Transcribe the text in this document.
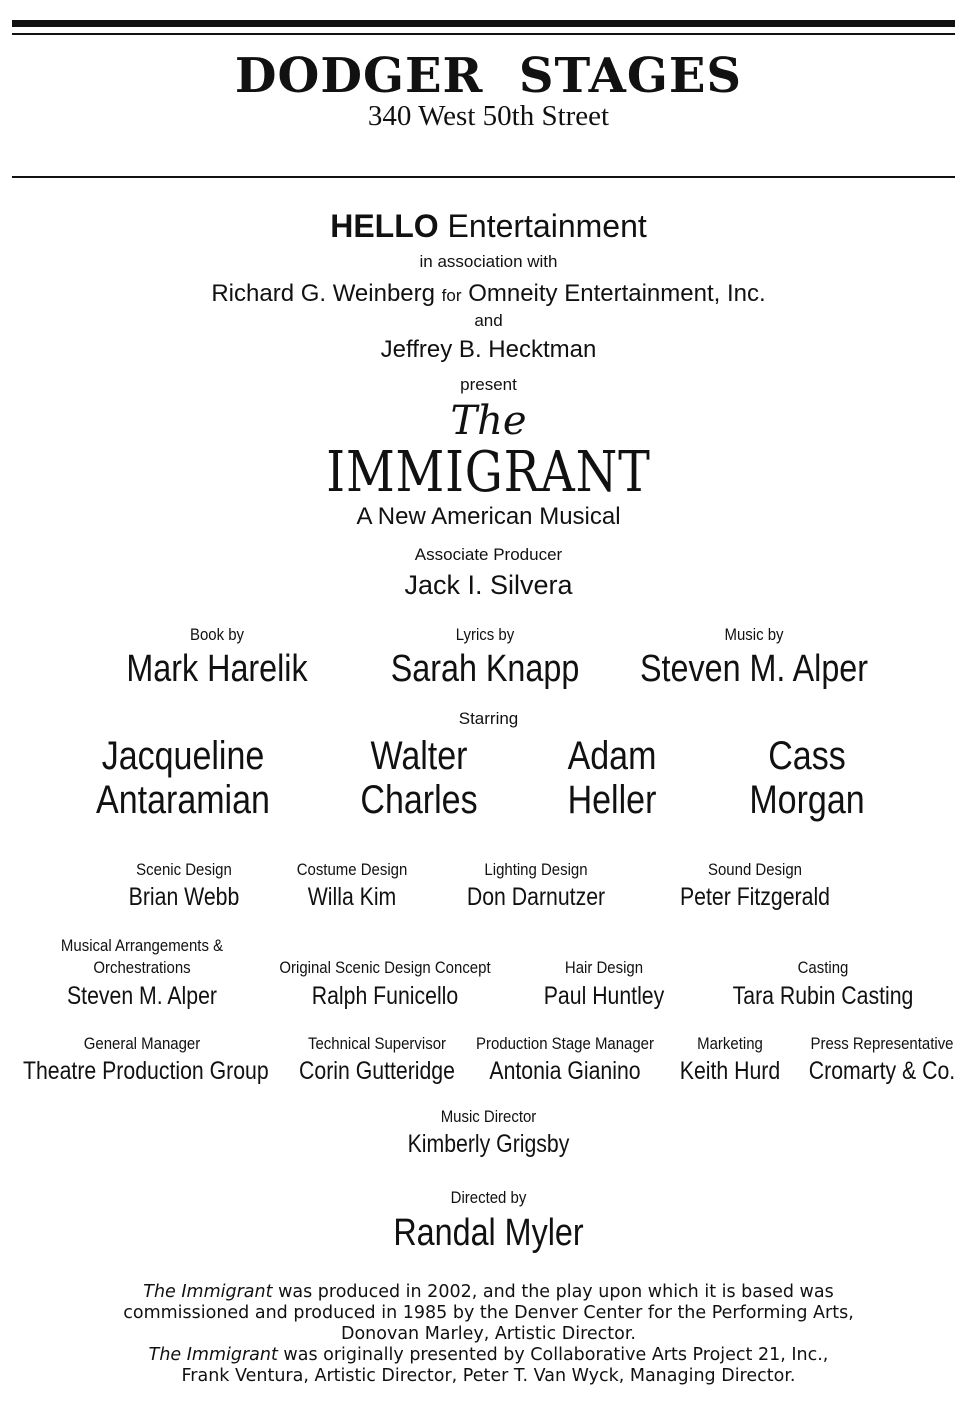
DODGER STAGES
340 West 50th Street
HELLO Entertainment
in association with
Richard G. Weinberg for Omneity Entertainment, Inc.
and
Jeffrey B. Hecktman
present
The
IMMIGRANT
A New American Musical
Associate Producer
Jack I. Silvera
Book by
Mark Harelik
Lyrics by
Sarah Knapp
Music by
Steven M. Alper
Starring
Jacqueline
Antaramian
Walter
Charles
Adam
Heller
Cass
Morgan
Scenic Design
Brian Webb
Costume Design
Willa Kim
Lighting Design
Don Darnutzer
Sound Design
Peter Fitzgerald
Musical Arrangements &
Orchestrations
Steven M. Alper
Original Scenic Design Concept
Ralph Funicello
Hair Design
Paul Huntley
Casting
Tara Rubin Casting
General Manager
Theatre Production Group
Technical Supervisor
Corin Gutteridge
Production Stage Manager
Antonia Gianino
Marketing
Keith Hurd
Press Representative
Cromarty & Co.
Music Director
Kimberly Grigsby
Directed by
Randal Myler
The Immigrant was produced in 2002, and the play upon which it is based was
commissioned and produced in 1985 by the Denver Center for the Performing Arts,
Donovan Marley, Artistic Director.
The Immigrant was originally presented by Collaborative Arts Project 21, Inc.,
Frank Ventura, Artistic Director, Peter T. Van Wyck, Managing Director.
